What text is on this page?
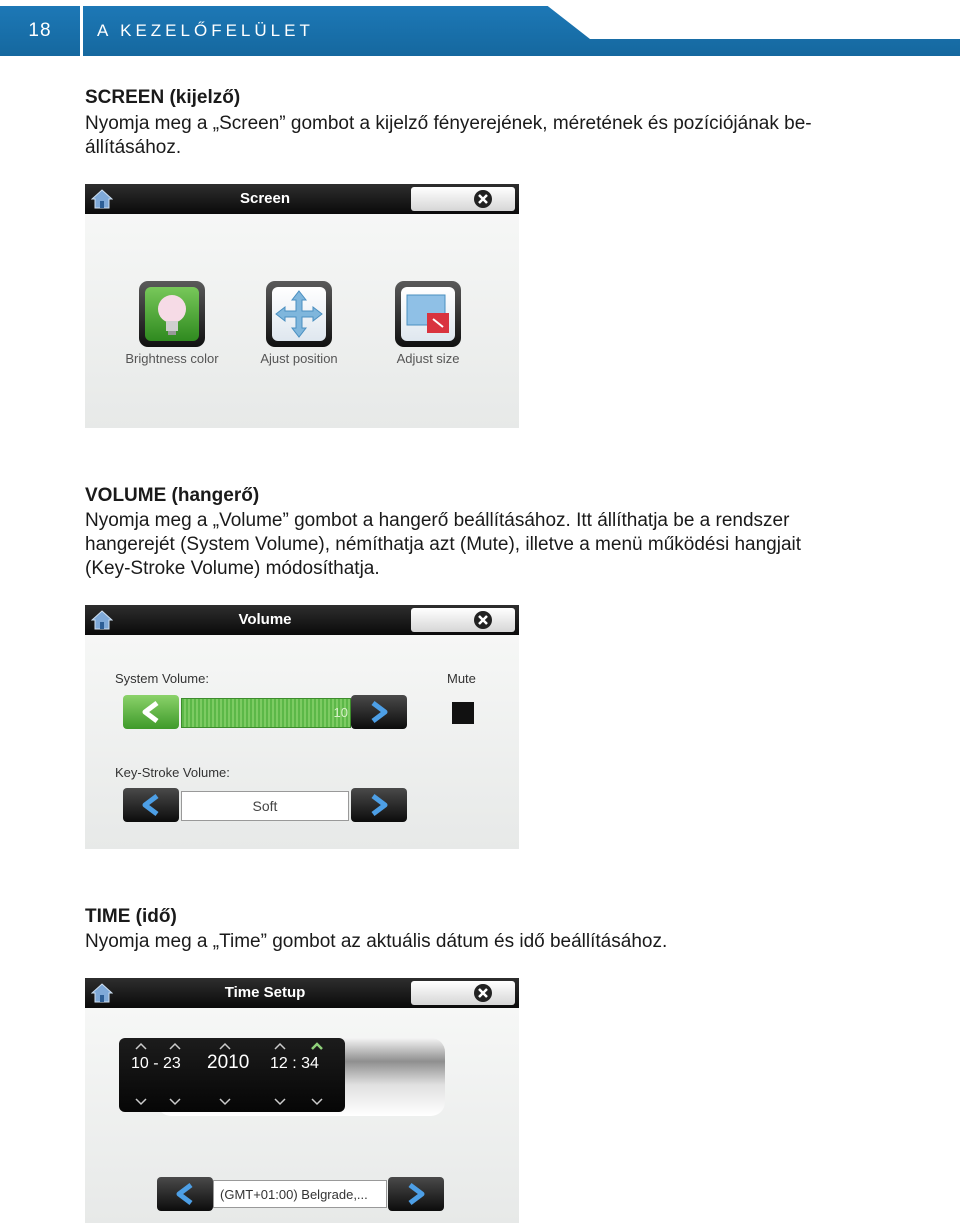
18	A KEZELŐFELÜLET
SCREEN (kijelző)
Nyomja meg a „Screen” gombot a kijelző fényerejének, méretének és pozíciójának be-
állításához.
Screen
Brightness color	Ajust position	Adjust size
VOLUME (hangerő)
Nyomja meg a „Volume” gombot a hangerő beállításához. Itt állíthatja be a rendszer
hangerejét (System Volume), némíthatja azt (Mute), illetve a menü működési hangjait
(Key-Stroke Volume) módosíthatja.
Volume
System Volume:	Mute
10
Key-Stroke Volume:
Soft
TIME (idő)
Nyomja meg a „Time” gombot az aktuális dátum és idő beállításához.
Time Setup
10 - 23 2010 12 : 34
(GMT+01:00) Belgrade,...
